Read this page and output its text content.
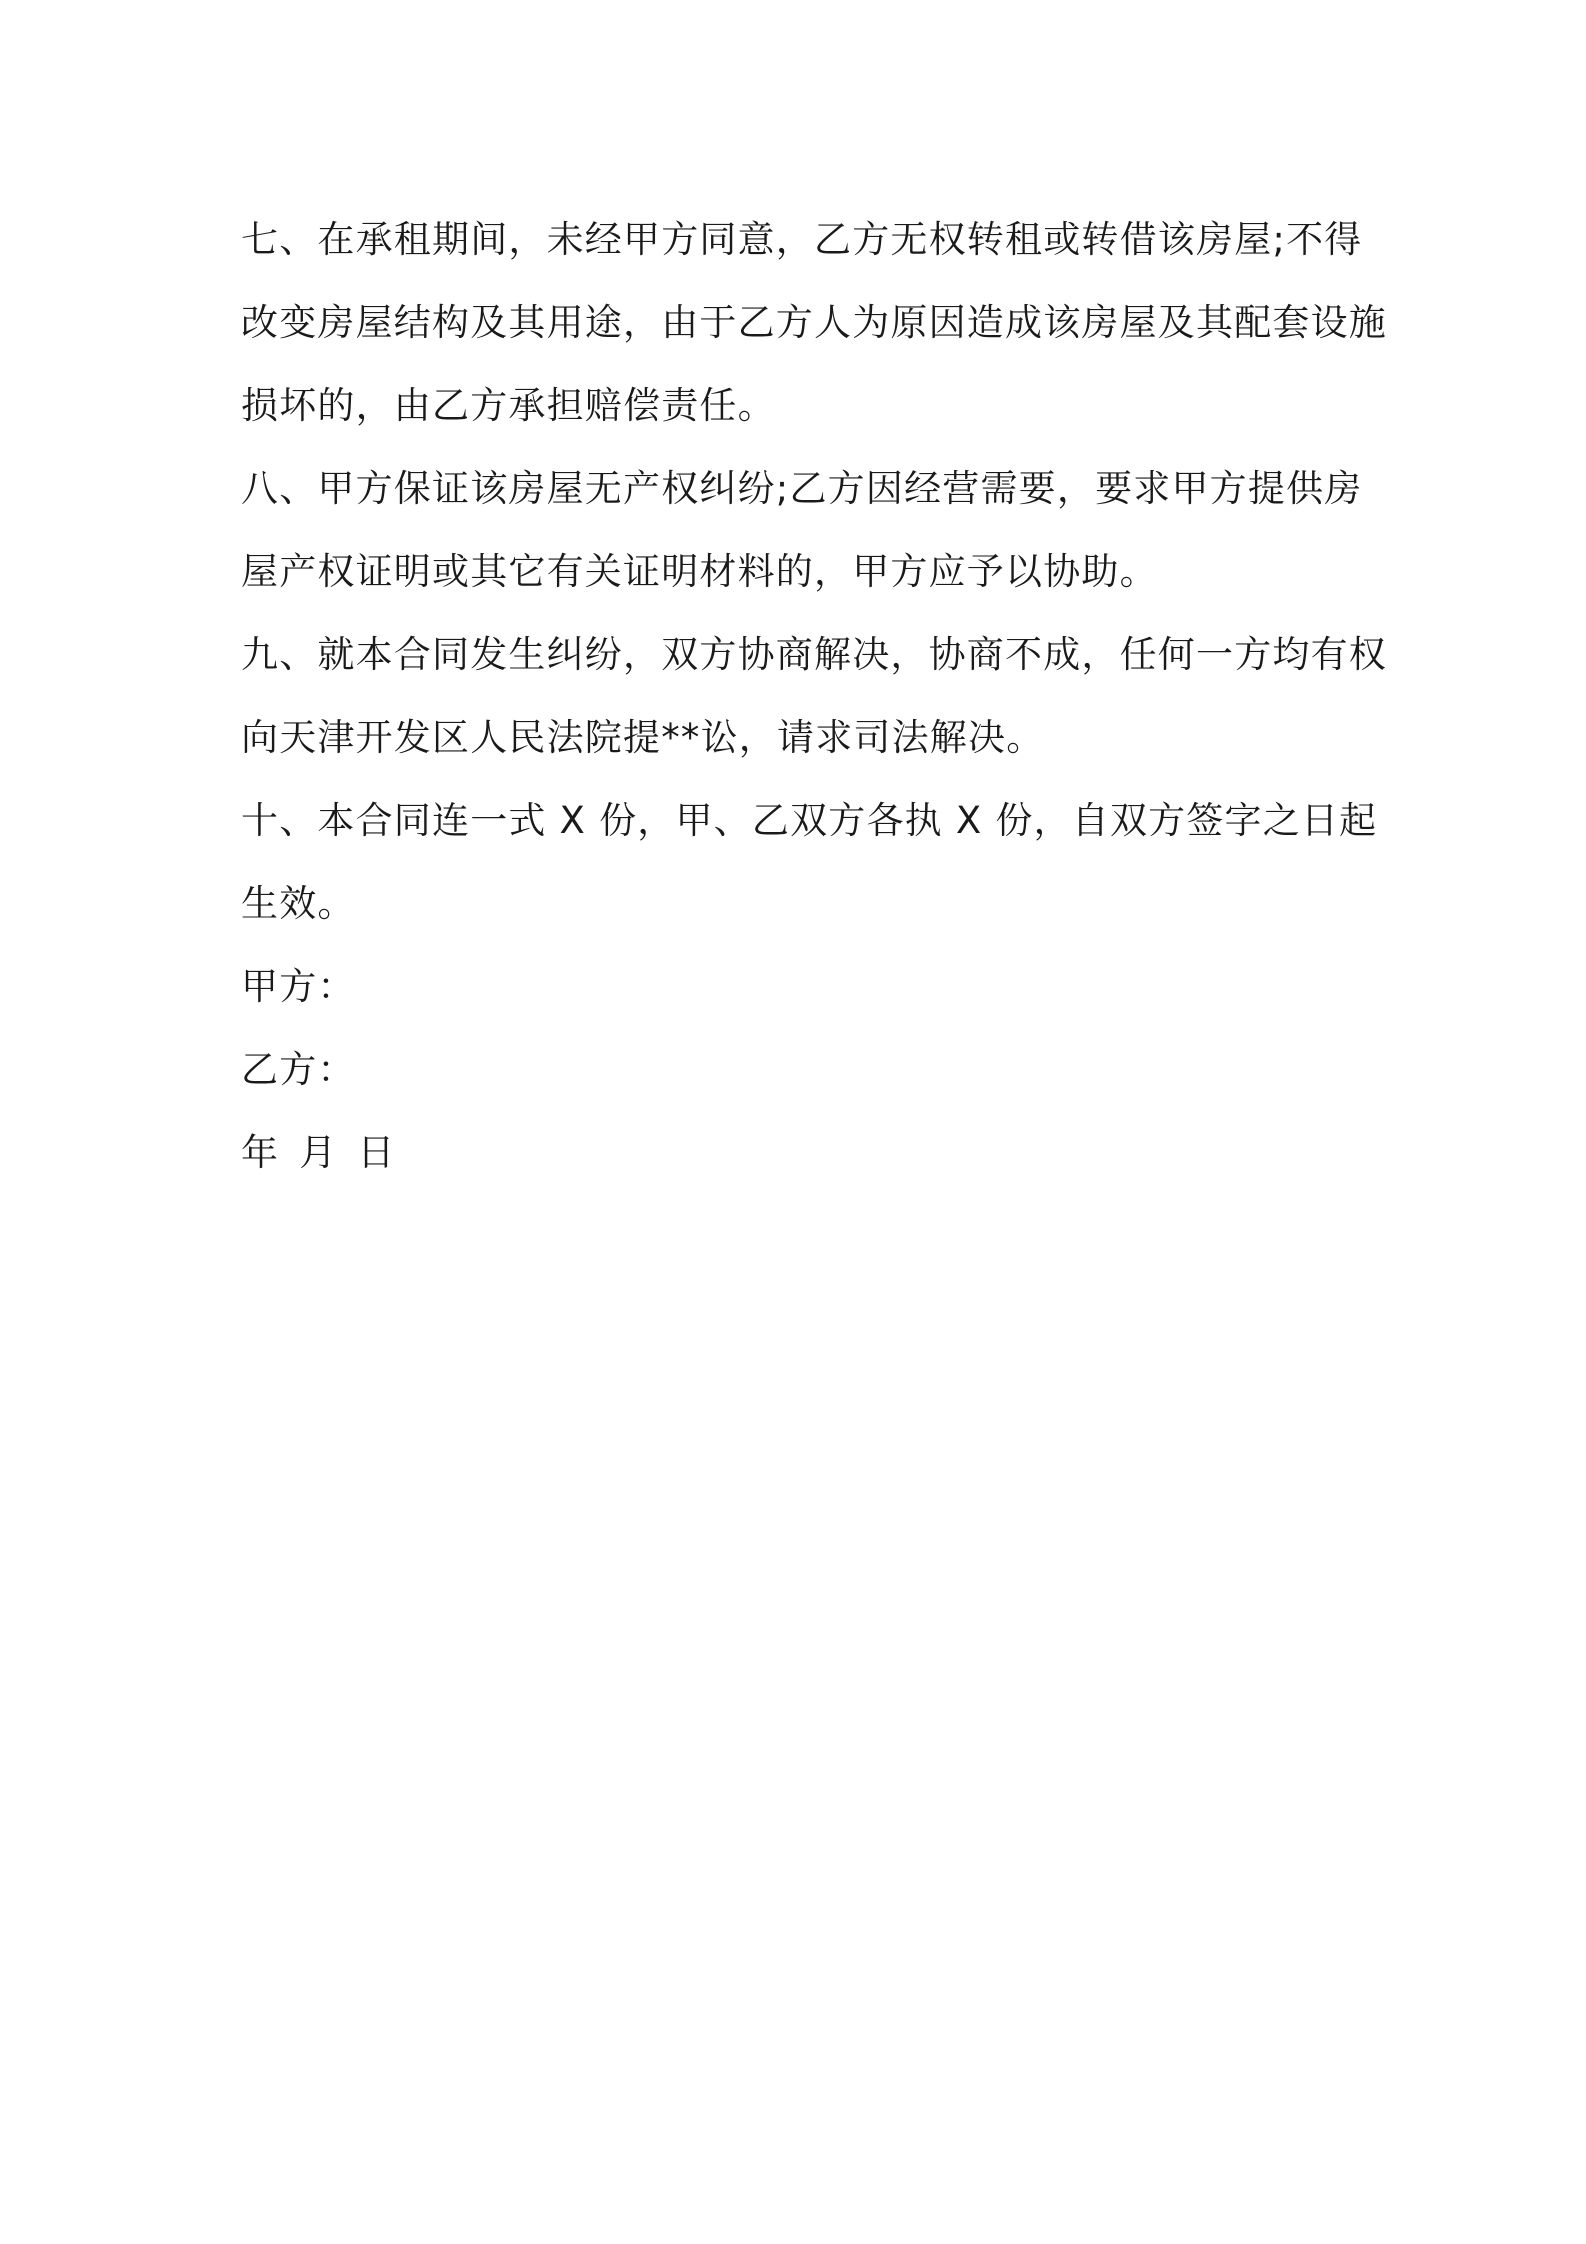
七、在承租期间，未经甲方同意，乙方无权转租或转借该房屋;不得
改变房屋结构及其用途，由于乙方人为原因造成该房屋及其配套设施
损坏的，由乙方承担赔偿责任。
八、甲方保证该房屋无产权纠纷;乙方因经营需要，要求甲方提供房
屋产权证明或其它有关证明材料的，甲方应予以协助。
九、就本合同发生纠纷，双方协商解决，协商不成，任何一方均有权
向天津开发区人民法院提**讼，请求司法解决。
十、本合同连一式 X 份，甲、乙双方各执 X 份，自双方签字之日起
生效。
甲方：
乙方：
年 月 日
